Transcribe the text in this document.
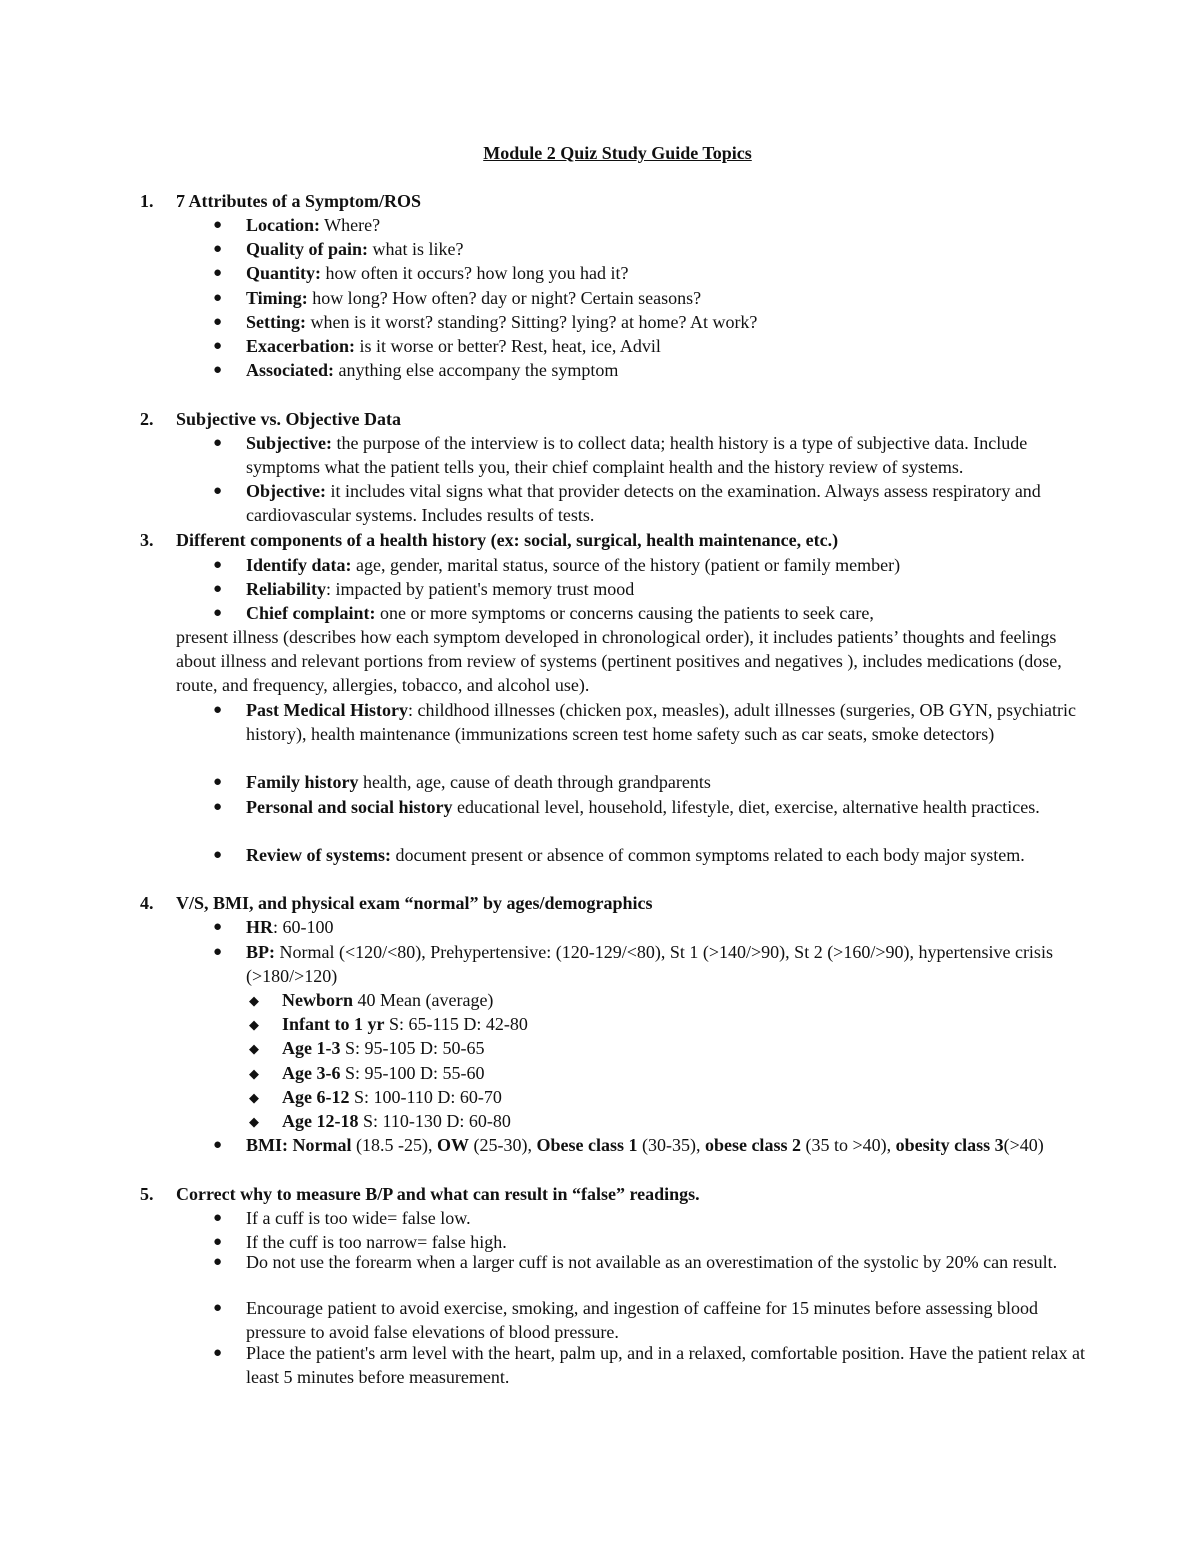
Module 2 Quiz Study Guide Topics
1. 7 Attributes of a Symptom/ROS
● Location: Where?
● Quality of pain: what is like?
● Quantity: how often it occurs? how long you had it?
● Timing: how long? How often? day or night? Certain seasons?
● Setting: when is it worst? standing? Sitting? lying? at home? At work?
● Exacerbation: is it worse or better? Rest, heat, ice, Advil
● Associated: anything else accompany the symptom
2. Subjective vs. Objective Data
● Subjective: the purpose of the interview is to collect data; health history is a type of subjective data. Include symptoms what the patient tells you, their chief complaint health and the history review of systems.
● Objective: it includes vital signs what that provider detects on the examination. Always assess respiratory and cardiovascular systems. Includes results of tests.
3. Different components of a health history (ex: social, surgical, health maintenance, etc.)
● Identify data: age, gender, marital status, source of the history (patient or family member)
● Reliability: impacted by patient's memory trust mood
● Chief complaint: one or more symptoms or concerns causing the patients to seek care,
present illness (describes how each symptom developed in chronological order), it includes patients’ thoughts and feelings about illness and relevant portions from review of systems (pertinent positives and negatives ), includes medications (dose, route, and frequency, allergies, tobacco, and alcohol use).
● Past Medical History: childhood illnesses (chicken pox, measles), adult illnesses (surgeries, OB GYN, psychiatric history), health maintenance (immunizations screen test home safety such as car seats, smoke detectors)
● Family history health, age, cause of death through grandparents
● Personal and social history educational level, household, lifestyle, diet, exercise, alternative health practices.
● Review of systems: document present or absence of common symptoms related to each body major system.
4. V/S, BMI, and physical exam “normal” by ages/demographics
● HR: 60-100
● BP: Normal (<120/<80), Prehypertensive: (120-129/<80), St 1 (>140/>90), St 2 (>160/>90), hypertensive crisis (>180/>120)
◆ Newborn 40 Mean (average)
◆ Infant to 1 yr S: 65-115 D: 42-80
◆ Age 1-3 S: 95-105 D: 50-65
◆ Age 3-6 S: 95-100 D: 55-60
◆ Age 6-12 S: 100-110 D: 60-70
◆ Age 12-18 S: 110-130 D: 60-80
● BMI: Normal (18.5 -25), OW (25-30), Obese class 1 (30-35), obese class 2 (35 to >40), obesity class 3(>40)
5. Correct why to measure B/P and what can result in “false” readings.
● If a cuff is too wide= false low.
● If the cuff is too narrow= false high.
● Do not use the forearm when a larger cuff is not available as an overestimation of the systolic by 20% can result.
● Encourage patient to avoid exercise, smoking, and ingestion of caffeine for 15 minutes before assessing blood pressure to avoid false elevations of blood pressure.
● Place the patient's arm level with the heart, palm up, and in a relaxed, comfortable position. Have the patient relax at least 5 minutes before measurement.
